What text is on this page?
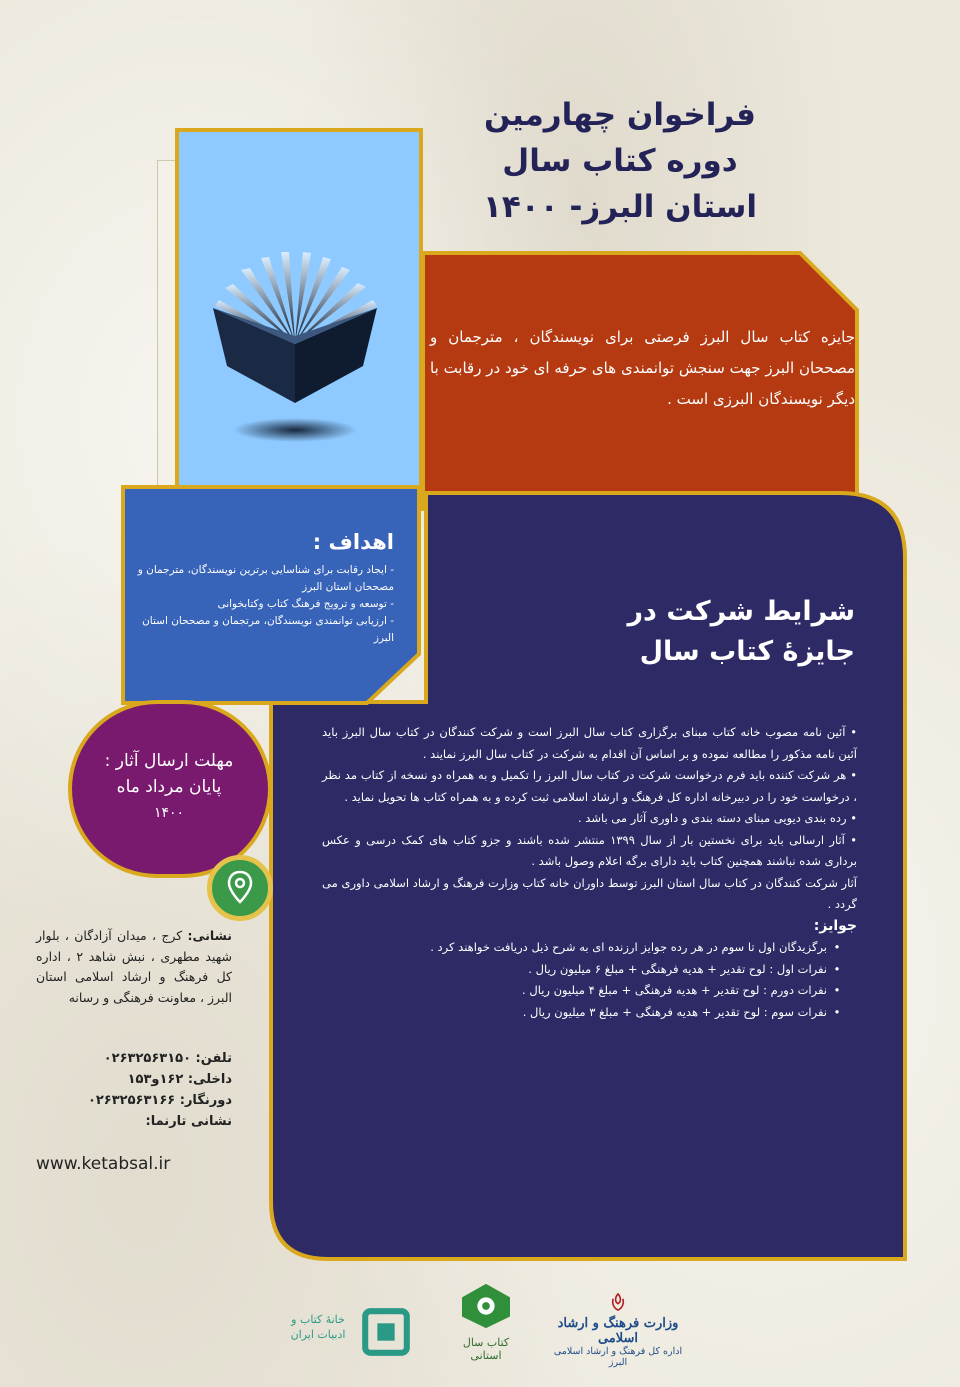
فراخوان چهارمین
دوره کتاب سال
استان البرز- ۱۴۰۰
جایزه کتاب سال البرز فرصتی برای نویسندگان ، مترجمان و مصححان البرز جهت سنجش توانمندی های حرفه ای خود در رقابت با دیگر نویسندگان البرزی است .
اهداف :
- ایجاد رقابت برای شناسایی برترین نویسندگان، مترجمان و مصححان استان البرز
- توسعه و ترویج فرهنگ کتاب وکتابخوانی
- ارزیابی توانمندی نویسندگان، مرتجمان و مصححان استان البرز
شرایط شرکت در
جایزۀ کتاب سال

• آئین نامه مصوب خانه کتاب مبنای برگزاری کتاب سال البرز است و شرکت کنندگان در کتاب سال البرز باید آئین نامه مذکور را مطالعه نموده و بر اساس آن اقدام به شرکت در کتاب سال البرز نمایند .

• هر شرکت کننده باید فرم درخواست شرکت در کتاب سال البرز را تکمیل و به همراه دو نسخه از کتاب مد نظر ، درخواست خود را در دبیرخانه اداره کل فرهنگ و ارشاد اسلامی ثبت کرده و به همراه کتاب ها تحویل نماید .

• رده بندی دیویی مبنای دسته بندی و داوری آثار می باشد .

• آثار ارسالی باید برای نخستین بار از سال ۱۳۹۹ منتشر شده باشند و جزو کتاب های کمک درسی و عکس برداری شده نباشند همچنین کتاب باید دارای برگه اعلام وصول باشد .

آثار شرکت کنندگان در کتاب سال استان البرز توسط داوران خانه کتاب وزارت فرهنگ و ارشاد اسلامی داوری می گردد .

جوایز:
•
برگزیدگان اول تا سوم در هر رده جوایز ارزنده ای به شرح ذیل دریافت خواهند کرد .
•
نفرات اول : لوح تقدیر + هدیه فرهنگی + مبلغ ۶ میلیون ریال .
•
نفرات دورم : لوح تقدیر + هدیه فرهنگی + مبلغ ۴ میلیون ریال .
•
نفرات سوم : لوح تقدیر + هدیه فرهنگی + مبلغ ۳ میلیون ریال .
مهلت ارسال آثار :
پایان مرداد ماه
۱۴۰۰
نشانی: کرج ، میدان آزادگان ، بلوار شهید مطهری ، نبش شاهد ۲ ، اداره کل فرهنگ و ارشاد اسلامی استان البرز ، معاونت فرهنگی و رسانه
تلفن: ۰۲۶۳۲۵۶۳۱۵۰
داخلی: ۱۶۲و۱۵۳
دورنگار: ۰۲۶۳۲۵۶۳۱۶۶
نشانی تارنما:
www.ketabsal.ir
خانۀ کتاب و ادبیات ایران
کتاب سال استانی
وزارت فرهنگ و ارشاد اسلامی
اداره کل فرهنگ و ارشاد اسلامی البرز
